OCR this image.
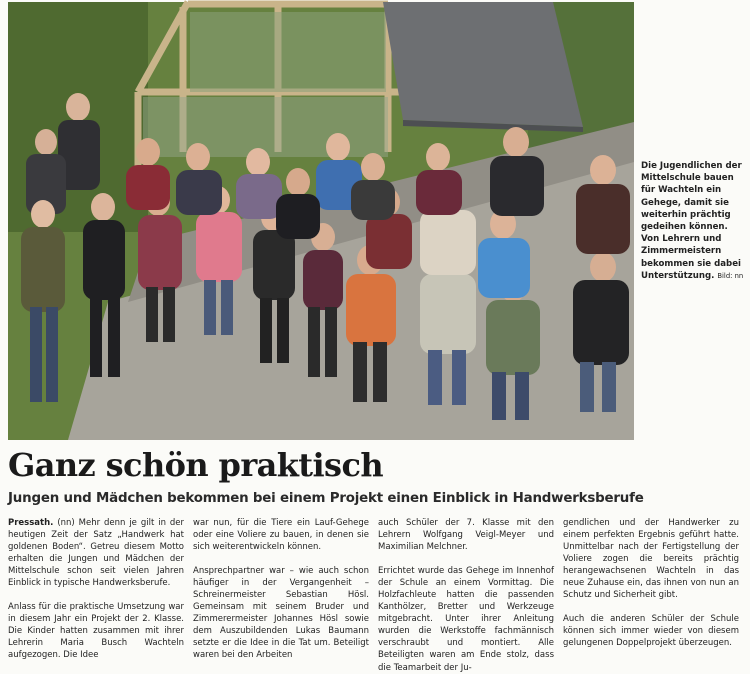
Die Jugendlichen der Mittelschule bauen für Wachteln ein Gehege, damit sie weiterhin prächtig gedeihen können. Von Lehrern und Zimmermeistern bekommen sie dabei Unterstützung. Bild: nn
Ganz schön praktisch
Jungen und Mädchen bekommen bei einem Projekt einen Einblick in Handwerksberufe

Pressath. (nn) Mehr denn je gilt in der heutigen Zeit der Satz „Handwerk hat goldenen Boden“. Getreu diesem Motto erhalten die Jungen und Mädchen der Mittelschule schon seit vielen Jahren Einblick in typische Handwerksberufe.

Anlass für die praktische Umsetzung war in diesem Jahr ein Projekt der 2. Klasse. Die Kinder hatten zusammen mit ihrer Lehrerin Maria Busch Wachteln aufgezogen. Die Idee

war nun, für die Tiere ein Lauf-Gehege oder eine Voliere zu bauen, in denen sie sich weiterentwickeln können.

Ansprechpartner war – wie auch schon häufiger in der Vergangenheit – Schreinermeister Sebastian Hösl. Gemeinsam mit seinem Bruder und Zimmerermeister Johannes Hösl sowie dem Auszubildenden Lukas Baumann setzte er die Idee in die Tat um. Beteiligt waren bei den Arbeiten

auch Schüler der 7. Klasse mit den Lehrern Wolfgang Veigl-Meyer und Maximilian Melchner.

Errichtet wurde das Gehege im Innenhof der Schule an einem Vormittag. Die Holzfachleute hatten die passenden Kanthölzer, Bretter und Werkzeuge mitgebracht. Unter ihrer Anleitung wurden die Werkstoffe fachmännisch verschraubt und montiert. Alle Beteiligten waren am Ende stolz, dass die Teamarbeit der Ju-

gendlichen und der Handwerker zu einem perfekten Ergebnis geführt hatte. Unmittelbar nach der Fertigstellung der Voliere zogen die bereits prächtig herangewachsenen Wachteln in das neue Zuhause ein, das ihnen von nun an Schutz und Sicherheit gibt.

Auch die anderen Schüler der Schule können sich immer wieder von diesem gelungenen Doppelprojekt überzeugen.
